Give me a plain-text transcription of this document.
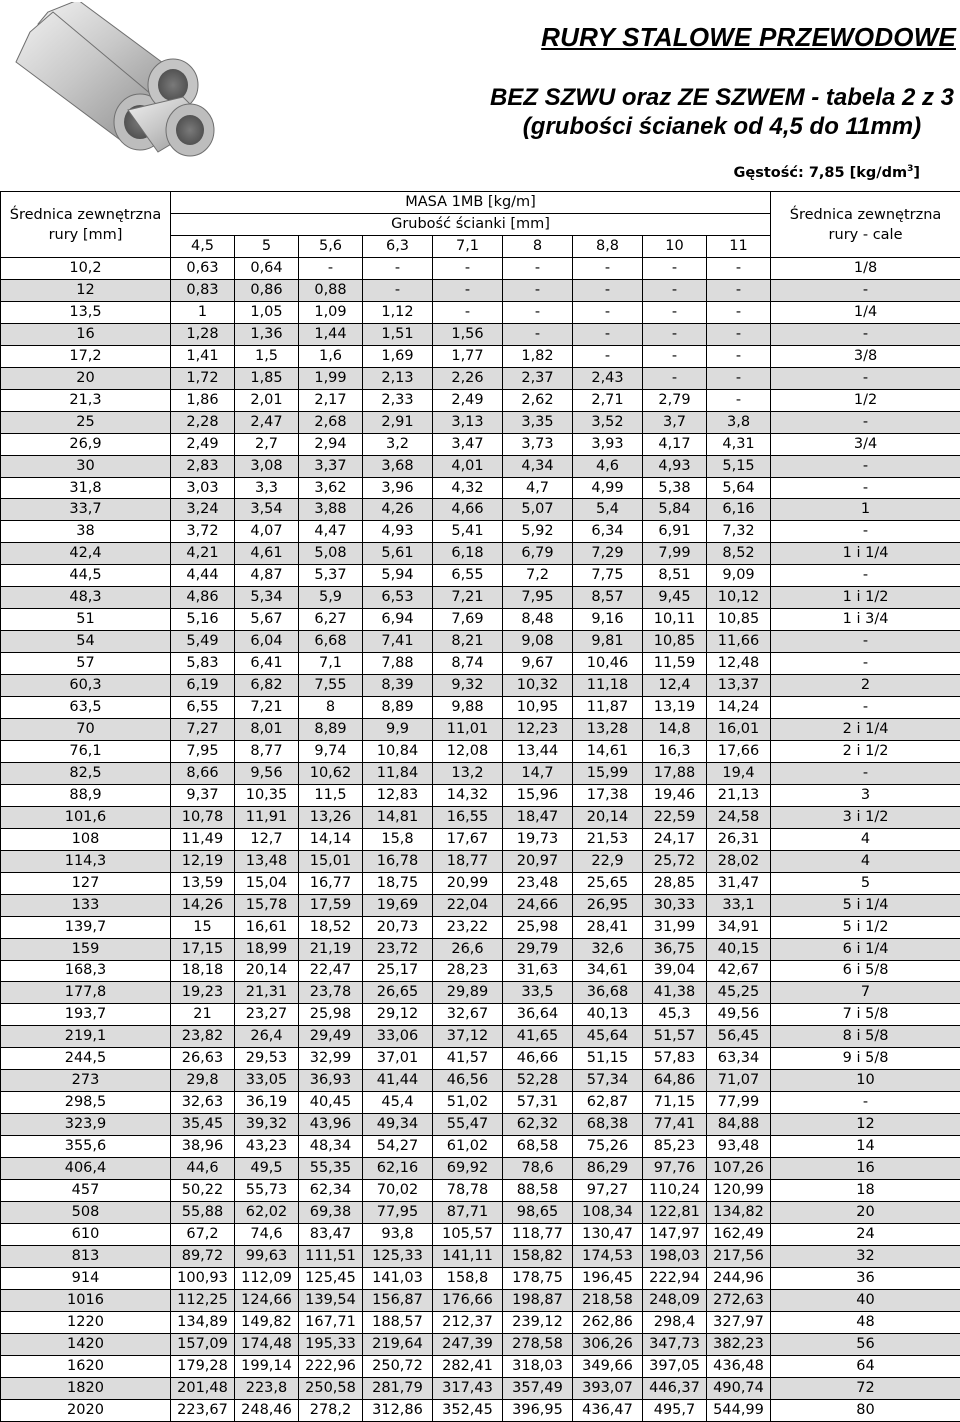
RURY STALOWE PRZEWODOWE
BEZ SZWU oraz ZE SZWEM - tabela 2 z 3
(grubości ścianek od 4,5 do 11mm)
Gęstość: 7,85 $[kg/dm^3]$
Średnica zewnętrzna
rury [mm]	MASA 1MB [kg/m]									Średnica zewnętrzna
rury - cale
	Grubość ścianki [mm]									
	4,5	5	5,6	6,3	7,1	8	8,8	10	11	
10,2	0,63	0,64	-	-	-	-	-	-	-	1/8
12	0,83	0,86	0,88	-	-	-	-	-	-	-
13,5	1	1,05	1,09	1,12	-	-	-	-	-	1/4
16	1,28	1,36	1,44	1,51	1,56	-	-	-	-	-
17,2	1,41	1,5	1,6	1,69	1,77	1,82	-	-	-	3/8
20	1,72	1,85	1,99	2,13	2,26	2,37	2,43	-	-	-
21,3	1,86	2,01	2,17	2,33	2,49	2,62	2,71	2,79	-	1/2
25	2,28	2,47	2,68	2,91	3,13	3,35	3,52	3,7	3,8	-
26,9	2,49	2,7	2,94	3,2	3,47	3,73	3,93	4,17	4,31	3/4
30	2,83	3,08	3,37	3,68	4,01	4,34	4,6	4,93	5,15	-
31,8	3,03	3,3	3,62	3,96	4,32	4,7	4,99	5,38	5,64	-
33,7	3,24	3,54	3,88	4,26	4,66	5,07	5,4	5,84	6,16	1
38	3,72	4,07	4,47	4,93	5,41	5,92	6,34	6,91	7,32	-
42,4	4,21	4,61	5,08	5,61	6,18	6,79	7,29	7,99	8,52	1 i 1/4
44,5	4,44	4,87	5,37	5,94	6,55	7,2	7,75	8,51	9,09	-
48,3	4,86	5,34	5,9	6,53	7,21	7,95	8,57	9,45	10,12	1 i 1/2
51	5,16	5,67	6,27	6,94	7,69	8,48	9,16	10,11	10,85	1 i 3/4
54	5,49	6,04	6,68	7,41	8,21	9,08	9,81	10,85	11,66	-
57	5,83	6,41	7,1	7,88	8,74	9,67	10,46	11,59	12,48	-
60,3	6,19	6,82	7,55	8,39	9,32	10,32	11,18	12,4	13,37	2
63,5	6,55	7,21	8	8,89	9,88	10,95	11,87	13,19	14,24	-
70	7,27	8,01	8,89	9,9	11,01	12,23	13,28	14,8	16,01	2 i 1/4
76,1	7,95	8,77	9,74	10,84	12,08	13,44	14,61	16,3	17,66	2 i 1/2
82,5	8,66	9,56	10,62	11,84	13,2	14,7	15,99	17,88	19,4	-
88,9	9,37	10,35	11,5	12,83	14,32	15,96	17,38	19,46	21,13	3
101,6	10,78	11,91	13,26	14,81	16,55	18,47	20,14	22,59	24,58	3 i 1/2
108	11,49	12,7	14,14	15,8	17,67	19,73	21,53	24,17	26,31	4
114,3	12,19	13,48	15,01	16,78	18,77	20,97	22,9	25,72	28,02	4
127	13,59	15,04	16,77	18,75	20,99	23,48	25,65	28,85	31,47	5
133	14,26	15,78	17,59	19,69	22,04	24,66	26,95	30,33	33,1	5 i 1/4
139,7	15	16,61	18,52	20,73	23,22	25,98	28,41	31,99	34,91	5 i 1/2
159	17,15	18,99	21,19	23,72	26,6	29,79	32,6	36,75	40,15	6 i 1/4
168,3	18,18	20,14	22,47	25,17	28,23	31,63	34,61	39,04	42,67	6 i 5/8
177,8	19,23	21,31	23,78	26,65	29,89	33,5	36,68	41,38	45,25	7
193,7	21	23,27	25,98	29,12	32,67	36,64	40,13	45,3	49,56	7 i 5/8
219,1	23,82	26,4	29,49	33,06	37,12	41,65	45,64	51,57	56,45	8 i 5/8
244,5	26,63	29,53	32,99	37,01	41,57	46,66	51,15	57,83	63,34	9 i 5/8
273	29,8	33,05	36,93	41,44	46,56	52,28	57,34	64,86	71,07	10
298,5	32,63	36,19	40,45	45,4	51,02	57,31	62,87	71,15	77,99	-
323,9	35,45	39,32	43,96	49,34	55,47	62,32	68,38	77,41	84,88	12
355,6	38,96	43,23	48,34	54,27	61,02	68,58	75,26	85,23	93,48	14
406,4	44,6	49,5	55,35	62,16	69,92	78,6	86,29	97,76	107,26	16
457	50,22	55,73	62,34	70,02	78,78	88,58	97,27	110,24	120,99	18
508	55,88	62,02	69,38	77,95	87,71	98,65	108,34	122,81	134,82	20
610	67,2	74,6	83,47	93,8	105,57	118,77	130,47	147,97	162,49	24
813	89,72	99,63	111,51	125,33	141,11	158,82	174,53	198,03	217,56	32
914	100,93	112,09	125,45	141,03	158,8	178,75	196,45	222,94	244,96	36
1016	112,25	124,66	139,54	156,87	176,66	198,87	218,58	248,09	272,63	40
1220	134,89	149,82	167,71	188,57	212,37	239,12	262,86	298,4	327,97	48
1420	157,09	174,48	195,33	219,64	247,39	278,58	306,26	347,73	382,23	56
1620	179,28	199,14	222,96	250,72	282,41	318,03	349,66	397,05	436,48	64
1820	201,48	223,8	250,58	281,79	317,43	357,49	393,07	446,37	490,74	72
2020	223,67	248,46	278,2	312,86	352,45	396,95	436,47	495,7	544,99	80
